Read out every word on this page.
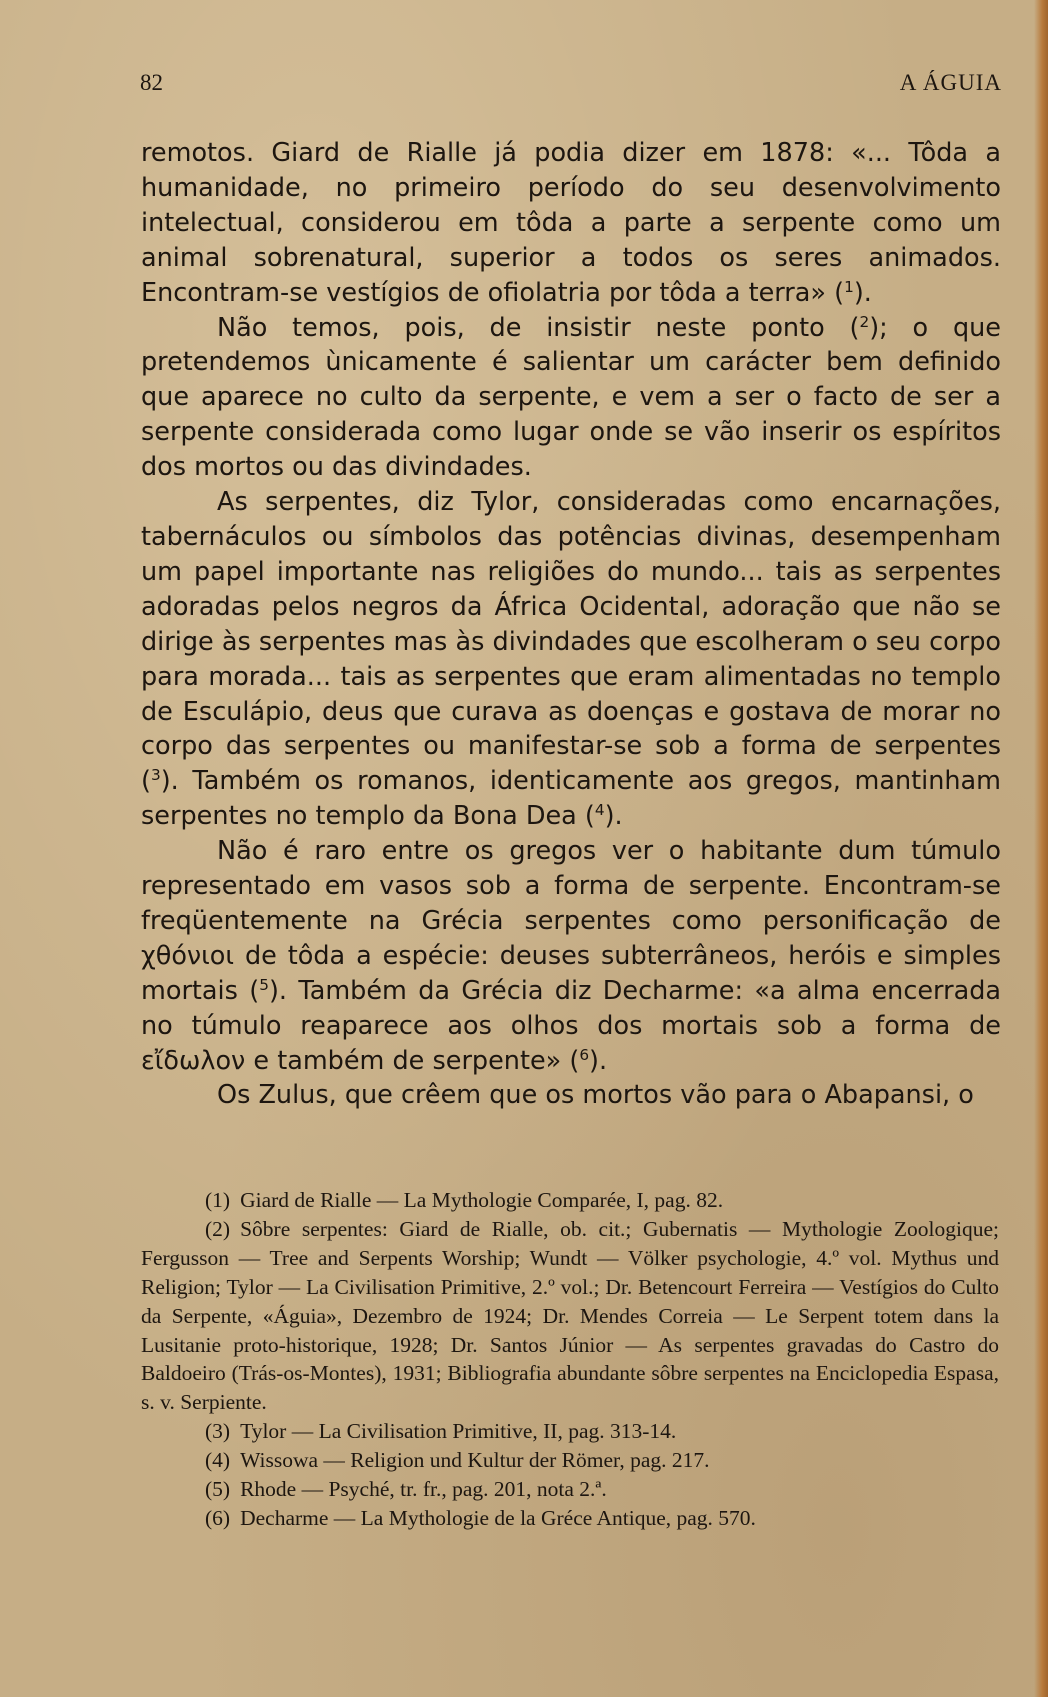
82	A ÁGUIA

remotos. Giard de Rialle já podia dizer em 1878: «... Tôda a humanidade, no primeiro período do seu desenvolvimento intelectual, considerou em tôda a parte a serpente como um animal sobrenatural, superior a todos os seres animados. Encontram-se vestígios de ofiolatria por tôda a terra» ($^1$).

Não temos, pois, de insistir neste ponto ($^2$); o que pretendemos ùnicamente é salientar um carácter bem definido que aparece no culto da serpente, e vem a ser o facto de ser a serpente considerada como lugar onde se vão inserir os espíritos dos mortos ou das divindades.

As serpentes, diz Tylor, consideradas como encarnações, tabernáculos ou símbolos das potências divinas, desempenham um papel importante nas religiões do mundo... tais as serpentes adoradas pelos negros da África Ocidental, adoração que não se dirige às serpentes mas às divindades que escolheram o seu corpo para morada... tais as serpentes que eram alimentadas no templo de Esculápio, deus que curava as doenças e gostava de morar no corpo das serpentes ou manifestar-se sob a forma de serpentes ($^3$). Também os romanos, identicamente aos gregos, mantinham serpentes no templo da Bona Dea ($^4$).

Não é raro entre os gregos ver o habitante dum túmulo representado em vasos sob a forma de serpente. Encontram-se freqüentemente na Grécia serpentes como personificação de χθόνιοι de tôda a espécie: deuses subterrâneos, heróis e simples mortais ($^5$). Também da Grécia diz Decharme: «a alma encerrada no túmulo reaparece aos olhos dos mortais sob a forma de εἴδωλον e também de serpente» ($^6$).

Os Zulus, que crêem que os mortos vão para o Abapansi, o

(1) Giard de Rialle — La Mythologie Comparée, I, pag. 82.

(2) Sôbre serpentes: Giard de Rialle, ob. cit.; Gubernatis — Mythologie Zoologique; Fergusson — Tree and Serpents Worship; Wundt — Völker psychologie, 4.º vol. Mythus und Religion; Tylor — La Civilisation Primitive, 2.º vol.; Dr. Betencourt Ferreira — Vestígios do Culto da Serpente, «Águia», Dezembro de 1924; Dr. Mendes Correia — Le Serpent totem dans la Lusitanie proto-historique, 1928; Dr. Santos Júnior — As serpentes gravadas do Castro do Baldoeiro (Trás-os-Montes), 1931; Bibliografia abundante sôbre serpentes na Enciclopedia Espasa, s. v. Serpiente.

(3) Tylor — La Civilisation Primitive, II, pag. 313-14.

(4) Wissowa — Religion und Kultur der Römer, pag. 217.

(5) Rhode — Psyché, tr. fr., pag. 201, nota 2.ª.

(6) Decharme — La Mythologie de la Gréce Antique, pag. 570.
